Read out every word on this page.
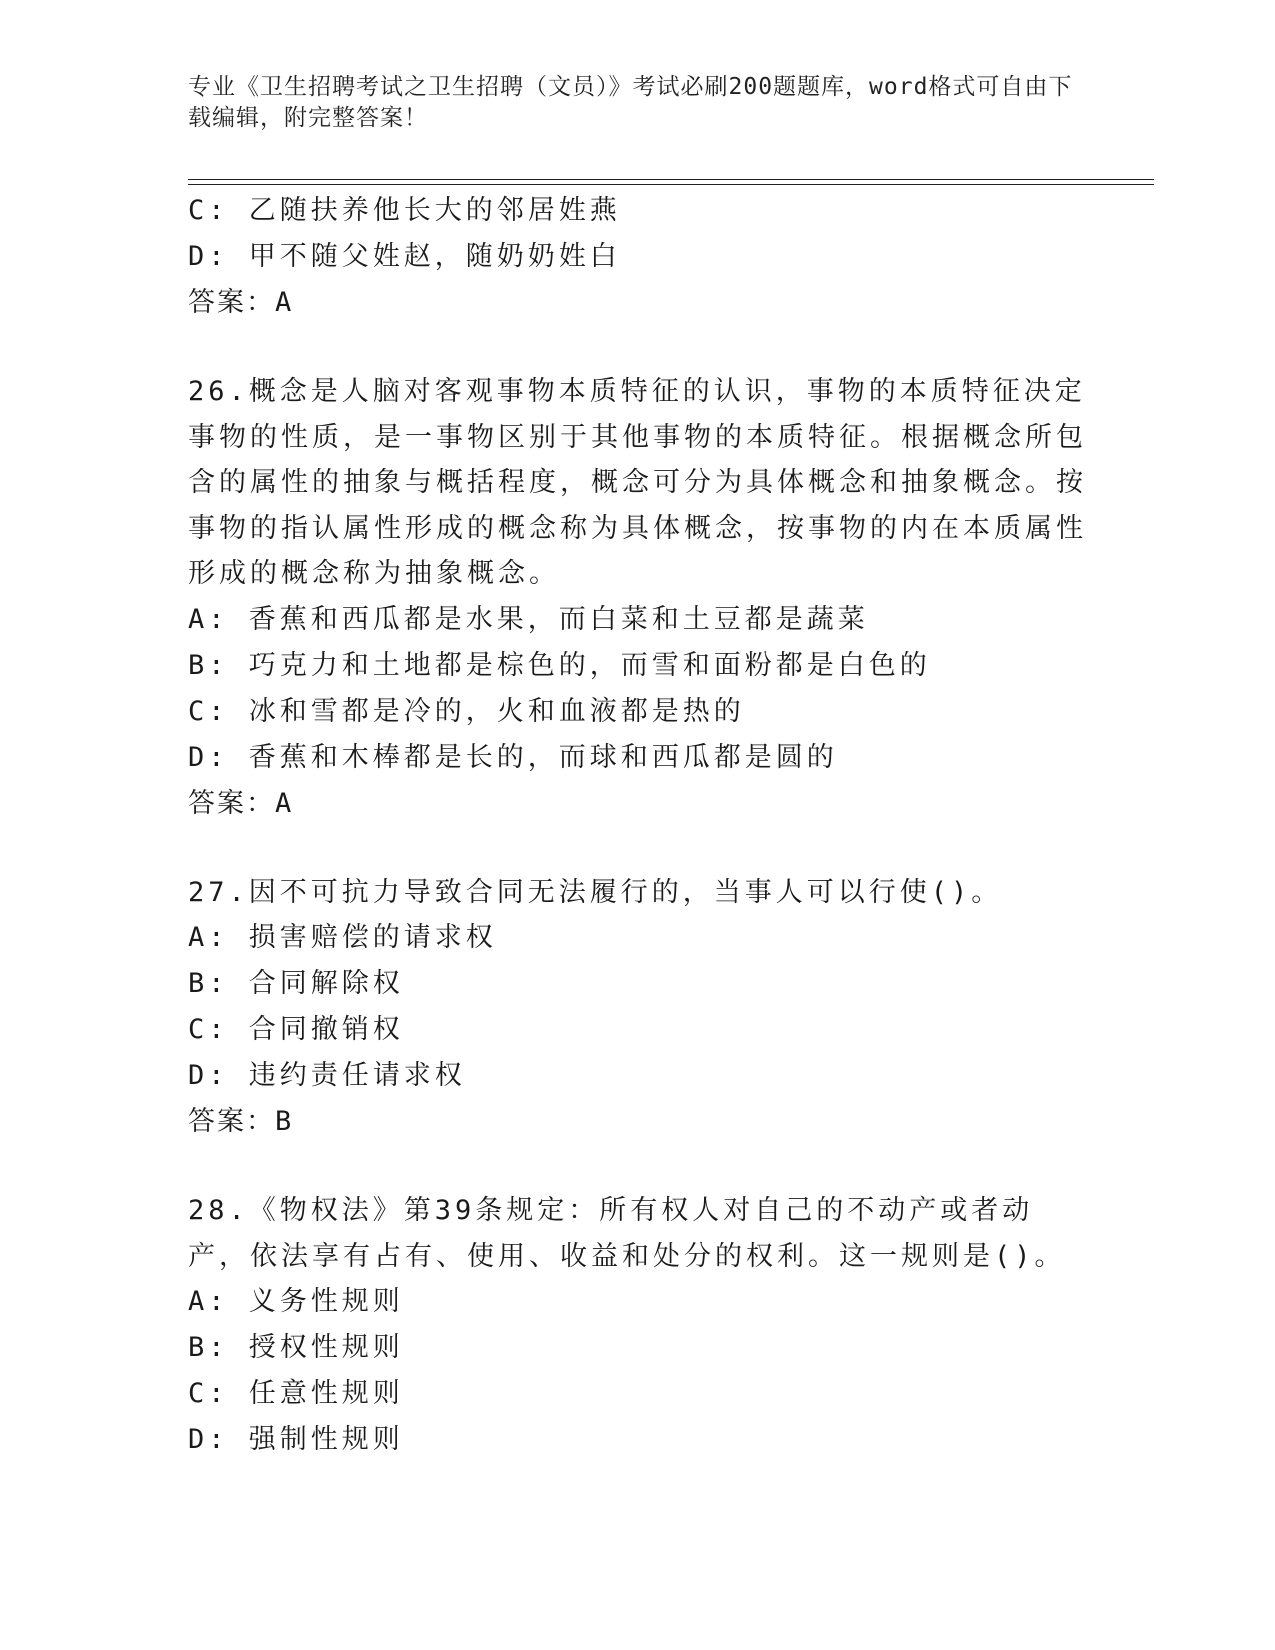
专业《卫生招聘考试之卫生招聘（文员）》考试必刷200题题库，word格式可自由下载编辑，附完整答案！
C: 乙随扶养他长大的邻居姓燕
D: 甲不随父姓赵，随奶奶姓白
答案：A
26.概念是人脑对客观事物本质特征的认识，事物的本质特征决定事物的性质，是一事物区别于其他事物的本质特征。根据概念所包含的属性的抽象与概括程度，概念可分为具体概念和抽象概念。按事物的指认属性形成的概念称为具体概念，按事物的内在本质属性形成的概念称为抽象概念。
A: 香蕉和西瓜都是水果，而白菜和土豆都是蔬菜
B: 巧克力和土地都是棕色的，而雪和面粉都是白色的
C: 冰和雪都是冷的，火和血液都是热的
D: 香蕉和木棒都是长的，而球和西瓜都是圆的
答案：A
27.因不可抗力导致合同无法履行的，当事人可以行使()。
A: 损害赔偿的请求权
B: 合同解除权
C: 合同撤销权
D: 违约责任请求权
答案：B
28.《物权法》第39条规定：所有权人对自己的不动产或者动产，依法享有占有、使用、收益和处分的权利。这一规则是()。
A: 义务性规则
B: 授权性规则
C: 任意性规则
D: 强制性规则
